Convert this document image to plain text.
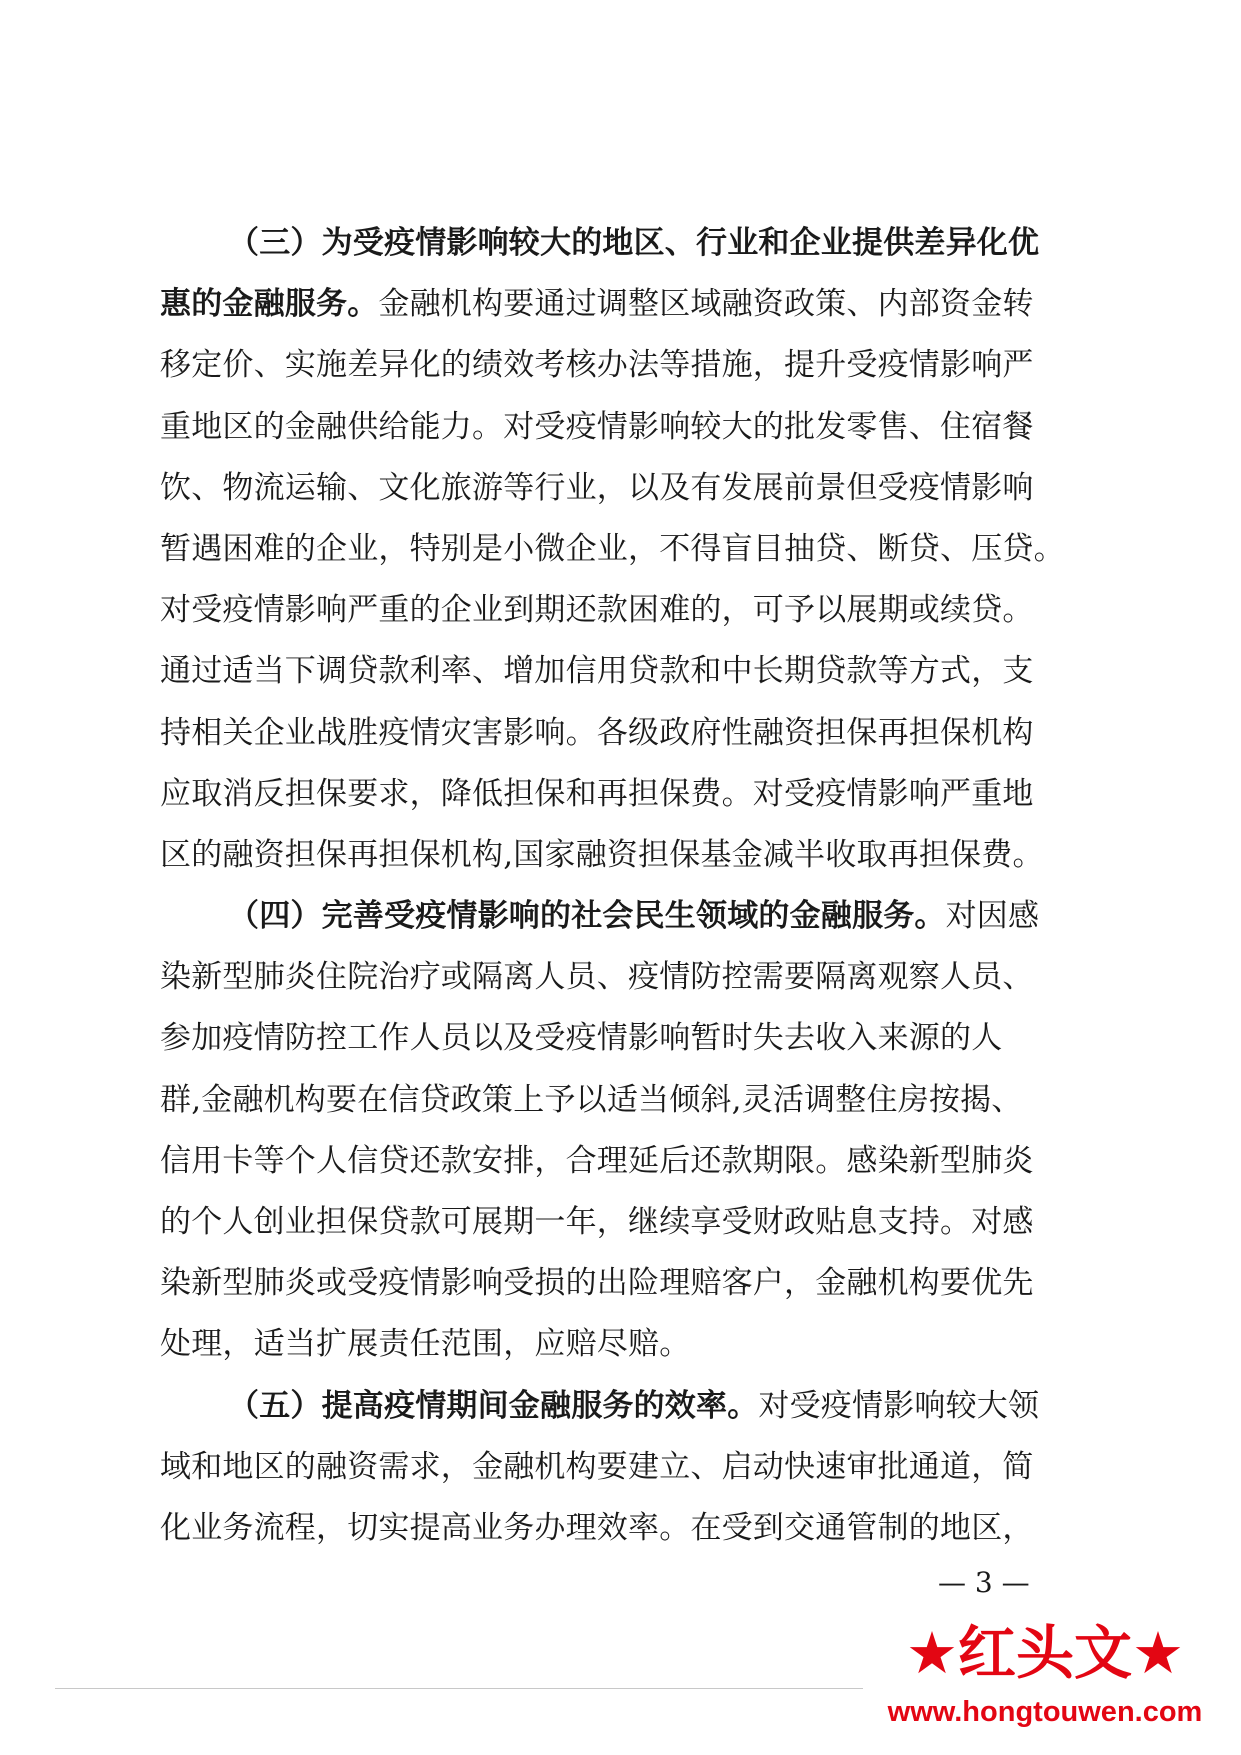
（三）为受疫情影响较大的地区、行业和企业提供差异化优
惠的金融服务。金融机构要通过调整区域融资政策、内部资金转
移定价、实施差异化的绩效考核办法等措施，提升受疫情影响严
重地区的金融供给能力。对受疫情影响较大的批发零售、住宿餐
饮、物流运输、文化旅游等行业，以及有发展前景但受疫情影响
暂遇困难的企业，特别是小微企业，不得盲目抽贷、断贷、压贷。
对受疫情影响严重的企业到期还款困难的，可予以展期或续贷。
通过适当下调贷款利率、增加信用贷款和中长期贷款等方式，支
持相关企业战胜疫情灾害影响。各级政府性融资担保再担保机构
应取消反担保要求，降低担保和再担保费。对受疫情影响严重地
区的融资担保再担保机构,国家融资担保基金减半收取再担保费。
（四）完善受疫情影响的社会民生领域的金融服务。对因感
染新型肺炎住院治疗或隔离人员、疫情防控需要隔离观察人员、
参加疫情防控工作人员以及受疫情影响暂时失去收入来源的人
群,金融机构要在信贷政策上予以适当倾斜,灵活调整住房按揭、
信用卡等个人信贷还款安排，合理延后还款期限。感染新型肺炎
的个人创业担保贷款可展期一年，继续享受财政贴息支持。对感
染新型肺炎或受疫情影响受损的出险理赔客户，金融机构要优先
处理，适当扩展责任范围，应赔尽赔。
（五）提高疫情期间金融服务的效率。对受疫情影响较大领
域和地区的融资需求，金融机构要建立、启动快速审批通道，简
化业务流程，切实提高业务办理效率。在受到交通管制的地区，
— 3 —
★红头文★
www.hongtouwen.com
